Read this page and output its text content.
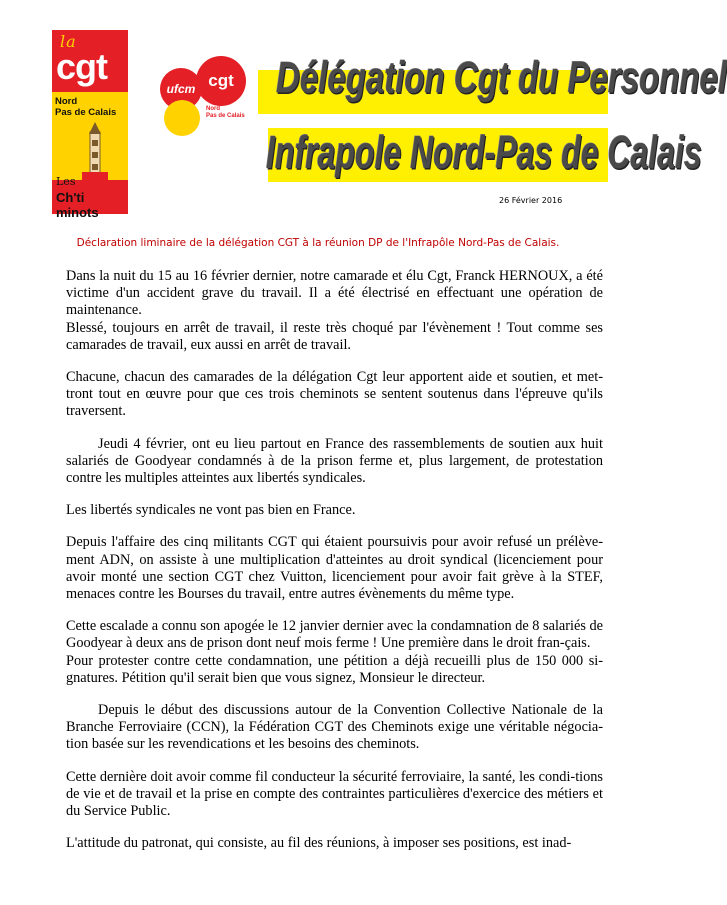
la
cgt
Nord
Pas de Calais
Les
Ch'ti minots
ufcm cgt
Nord
Pas de Calais
Délégation Cgt du Personnel
Infrapole Nord-Pas de Calais
26 Février 2016
Déclaration liminaire de la délégation CGT à la réunion DP de l'Infrapôle Nord-Pas de Calais.

Dans la nuit du 15 au 16 février dernier, notre camarade et élu Cgt, Franck HERNOUX, a été victime d'un accident grave du travail. Il a été électrisé en effectuant une opération de maintenance.

Blessé, toujours en arrêt de travail, il reste très choqué par l'évènement ! Tout comme ses camarades de travail, eux aussi en arrêt de travail.

Chacune, chacun des camarades de la délégation Cgt leur apportent aide et soutien, et met-tront tout en œuvre pour que ces trois cheminots se sentent soutenus dans l'épreuve qu'ils traversent.

Jeudi 4 février, ont eu lieu partout en France des rassemblements de soutien aux huit salariés de Goodyear condamnés à de la prison ferme et, plus largement, de protestation contre les multiples atteintes aux libertés syndicales.

Les libertés syndicales ne vont pas bien en France.

Depuis l'affaire des cinq militants CGT qui étaient poursuivis pour avoir refusé un prélève-ment ADN, on assiste à une multiplication d'atteintes au droit syndical (licenciement pour avoir monté une section CGT chez Vuitton, licenciement pour avoir fait grève à la STEF, menaces contre les Bourses du travail, entre autres évènements du même type.

Cette escalade a connu son apogée le 12 janvier dernier avec la condamnation de 8 salariés de Goodyear à deux ans de prison dont neuf mois ferme ! Une première dans le droit fran-çais.

Pour protester contre cette condamnation, une pétition a déjà recueilli plus de 150 000 si-gnatures. Pétition qu'il serait bien que vous signez, Monsieur le directeur.

Depuis le début des discussions autour de la Convention Collective Nationale de la Branche Ferroviaire (CCN), la Fédération CGT des Cheminots exige une véritable négocia-tion basée sur les revendications et les besoins des cheminots.

Cette dernière doit avoir comme fil conducteur la sécurité ferroviaire, la santé, les condi-tions de vie et de travail et la prise en compte des contraintes particulières d'exercice des métiers et du Service Public.

L'attitude du patronat, qui consiste, au fil des réunions, à imposer ses positions, est inad-
